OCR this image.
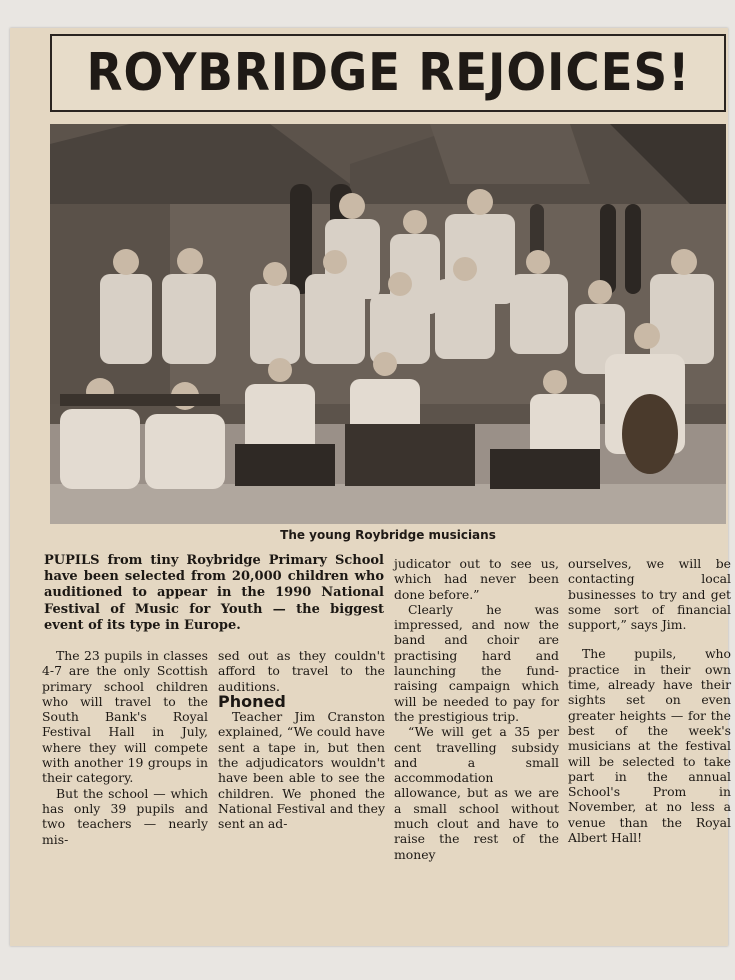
ROYBRIDGE REJOICES!
The young Roybridge musicians
PUPILS from tiny Roybridge Primary School have been selected from 20,000 children who auditioned to appear in the 1990 National Festival of Music for Youth — the biggest event of its type in Europe.

The 23 pupils in classes 4-7 are the only Scottish primary school children who will travel to the South Bank's Royal Festival Hall in July, where they will compete with another 19 groups in their category.

But the school — which has only 39 pupils and two teachers — nearly mis-

sed out as they couldn't afford to travel to the auditions.

Phoned

Teacher Jim Cranston explained, “We could have sent a tape in, but then the adjudicators wouldn't have been able to see the children. We phoned the National Festival and they sent an ad-

judicator out to see us, which had never been done before.”

Clearly he was impressed, and now the band and choir are practising hard and launching the fund-raising campaign which will be needed to pay for the prestigious trip.

“We will get a 35 per cent travelling subsidy and a small accommodation allowance, but as we are a small school without much clout and have to raise the rest of the money

ourselves, we will be contacting local businesses to try and get some sort of financial support,” says Jim.

The pupils, who practice in their own time, already have their sights set on even greater heights — for the best of the week's musicians at the festival will be selected to take part in the annual School's Prom in November, at no less a venue than the Royal Albert Hall!
